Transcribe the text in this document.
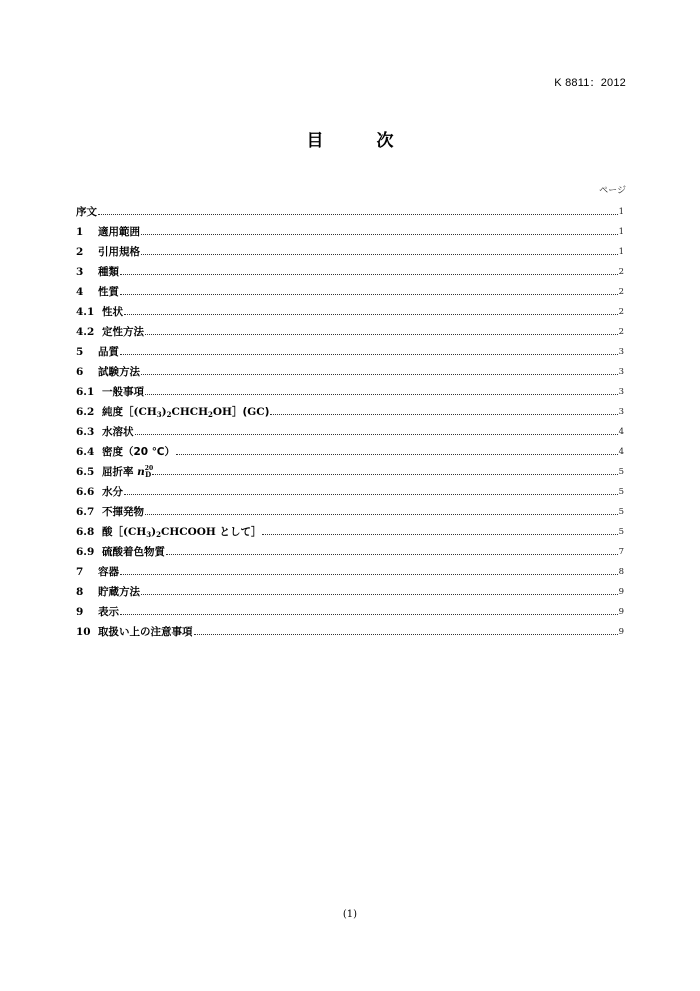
K 8811：2012
目　次
ページ
序文	1
1	適用範囲	1
2	引用規格	1
3	種類	2
4	性質	2
4.1 性状	2
4.2 定性方法	2
5	品質	3
6	試験方法	3
6.1 一般事項	3
6.2 純度$[(CH_3)_2CHCH_2OH](GC)$	3
6.3 水溶状	4
6.4 密度（20 ℃）	4
6.5 屈折率 $n^{20}_D$	5
6.6 水分	5
6.7 不揮発物	5
6.8 酸$[(CH_3)_2CHCOOH$ として］	5
6.9 硫酸着色物質	7
7	容器	8
8	貯蔵方法	9
9	表示	9
10 取扱い上の注意事項	9
(1)
